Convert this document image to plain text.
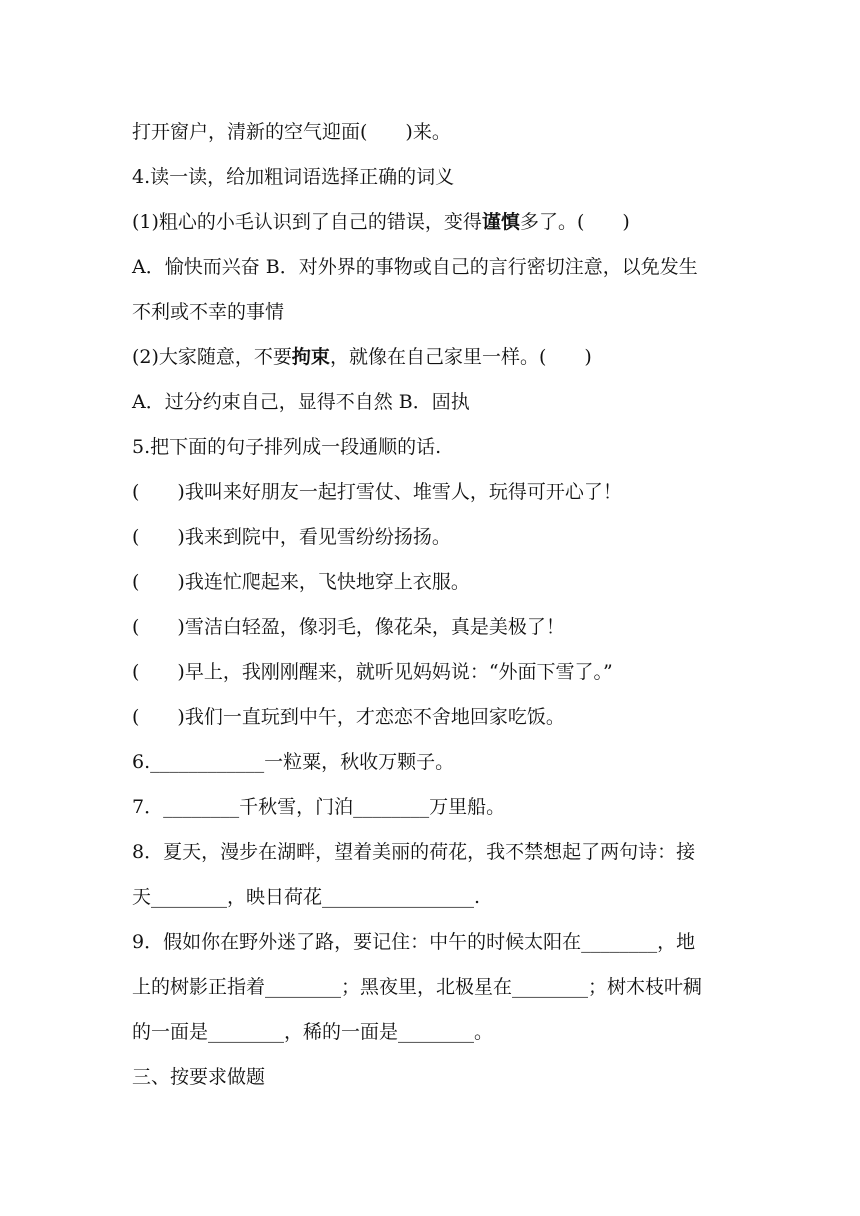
打开窗户，清新的空气迎面(　　)来。
4.读一读，给加粗词语选择正确的词义
(1)粗心的小毛认识到了自己的错误，变得谨慎多了。(　　)
A．愉快而兴奋 B．对外界的事物或自己的言行密切注意，以免发生
不利或不幸的事情
(2)大家随意，不要拘束，就像在自己家里一样。(　　)
A．过分约束自己，显得不自然 B．固执
5.把下面的句子排列成一段通顺的话.
(　　)我叫来好朋友一起打雪仗、堆雪人，玩得可开心了！
(　　)我来到院中，看见雪纷纷扬扬。
(　　)我连忙爬起来，飞快地穿上衣服。
(　　)雪洁白轻盈，像羽毛，像花朵，真是美极了！
(　　)早上，我刚刚醒来，就听见妈妈说：“外面下雪了。”
(　　)我们一直玩到中午，才恋恋不舍地回家吃饭。
6.____________一粒粟，秋收万颗子。
7．________千秋雪，门泊________万里船。
8．夏天，漫步在湖畔，望着美丽的荷花，我不禁想起了两句诗：接
天________，映日荷花________________.
9．假如你在野外迷了路，要记住：中午的时候太阳在________，地
上的树影正指着________；黑夜里，北极星在________；树木枝叶稠
的一面是________，稀的一面是________。
三、按要求做题
